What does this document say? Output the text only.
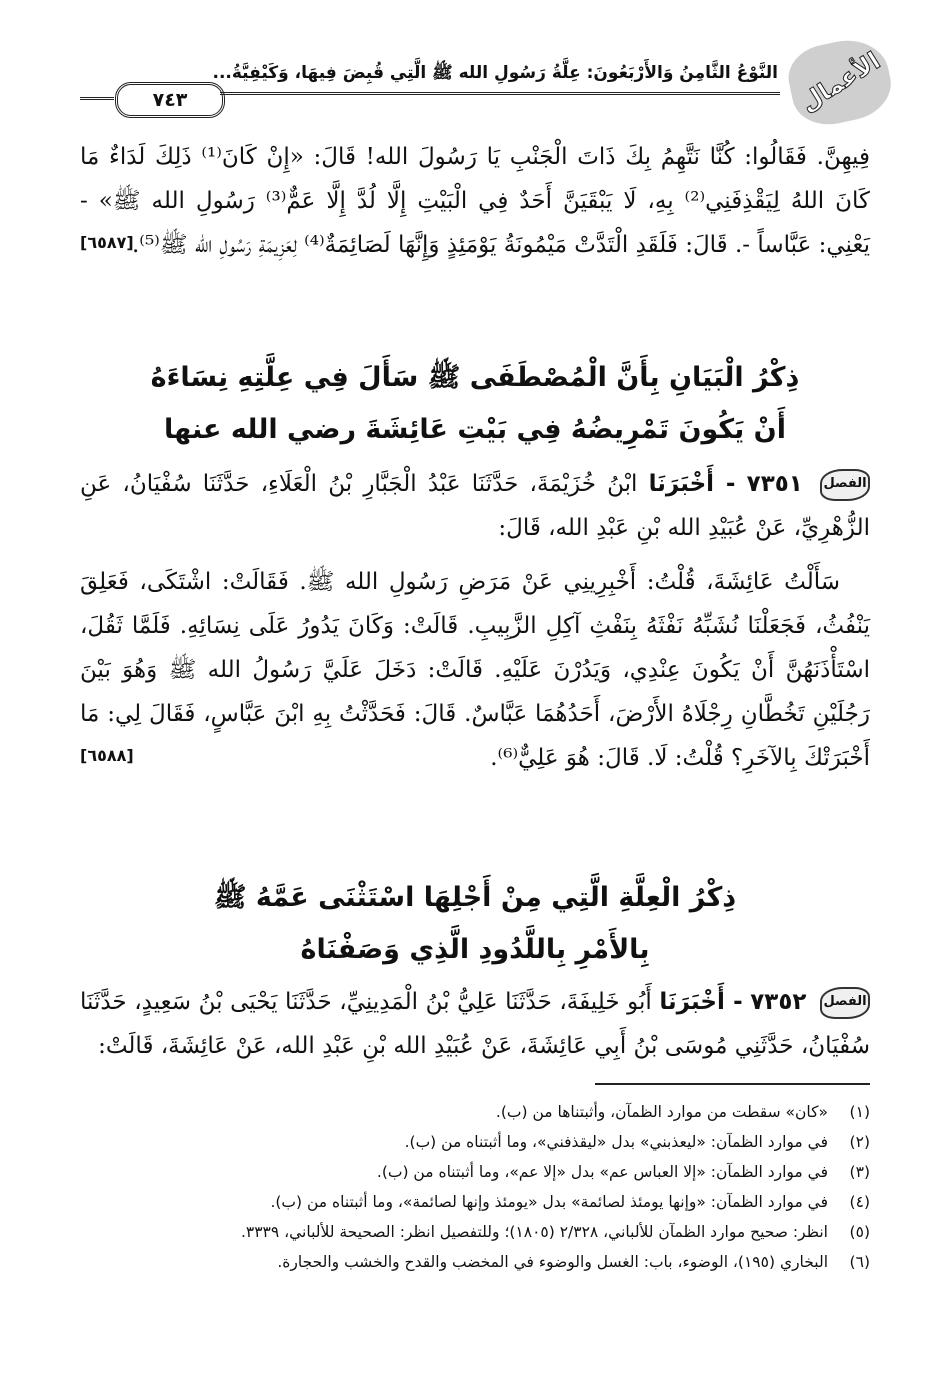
الأعمال
النَّوْعُ الثَّامِنُ وَالأَرْبَعُونَ: عِلَّةُ رَسُولِ الله ﷺ الَّتِي قُبِضَ فِيهَا، وَكَيْفِيَّةُ...
٧٤٣

فِيهِنَّ. فَقَالُوا: كُنَّا نَتَّهِمُ بِكَ ذَاتَ الْجَنْبِ يَا رَسُولَ الله! قَالَ: «إِنْ كَانَ⁽¹⁾ ذَلِكَ لَدَاءٌ مَا كَانَ اللهُ لِيَقْذِفَنِي⁽²⁾ بِهِ، لَا يَبْقَيَنَّ أَحَدٌ فِي الْبَيْتِ إِلَّا لُدَّ إِلَّا عَمٌّ⁽³⁾ رَسُولِ الله ﷺ» - يَعْنِي: عَبَّاساً -. قَالَ: فَلَقَدِ الْتَدَّتْ مَيْمُونَةُ يَوْمَئِذٍ وَإِنَّهَا لَصَائِمَةٌ⁽⁴⁾ لِعَزِيمَةِ رَسُولِ الله ﷺ⁽⁵⁾.

[٦٥٨٧]

ذِكْرُ الْبَيَانِ بِأَنَّ الْمُصْطَفَى ﷺ سَأَلَ فِي عِلَّتِهِ نِسَاءَهُ

أَنْ يَكُونَ تَمْرِيضُهُ فِي بَيْتِ عَائِشَةَ رضي الله عنها

الفصل ٧٣٥١ - أَخْبَرَنَا ابْنُ خُزَيْمَةَ، حَدَّثَنَا عَبْدُ الْجَبَّارِ بْنُ الْعَلَاءِ، حَدَّثَنَا سُفْيَانُ، عَنِ الزُّهْرِيِّ، عَنْ عُبَيْدِ الله بْنِ عَبْدِ الله، قَالَ:

سَأَلْتُ عَائِشَةَ، قُلْتُ: أَخْبِرِينِي عَنْ مَرَضِ رَسُولِ الله ﷺ. فَقَالَتْ: اشْتَكَى، فَعَلِقَ يَنْفُثُ، فَجَعَلْنَا نُشَبِّهُ نَفْثَهُ بِنَفْثِ آكِلِ الزَّبِيبِ. قَالَتْ: وَكَانَ يَدُورُ عَلَى نِسَائِهِ. فَلَمَّا ثَقُلَ، اسْتَأْذَنَهُنَّ أَنْ يَكُونَ عِنْدِي، وَيَدُرْنَ عَلَيْهِ. قَالَتْ: دَخَلَ عَلَيَّ رَسُولُ الله ﷺ وَهُوَ بَيْنَ رَجُلَيْنِ تَخُطَّانِ رِجْلَاهُ الأَرْضَ، أَحَدُهُمَا عَبَّاسٌ. قَالَ: فَحَدَّثْتُ بِهِ ابْنَ عَبَّاسٍ، فَقَالَ لِي: مَا أَخْبَرَتْكَ بِالآخَرِ؟ قُلْتُ: لَا. قَالَ: هُوَ عَلِيٌّ⁽⁶⁾.

[٦٥٨٨]

ذِكْرُ الْعِلَّةِ الَّتِي مِنْ أَجْلِهَا اسْتَثْنَى عَمَّهُ ﷺ

بِالأَمْرِ بِاللَّدُودِ الَّذِي وَصَفْنَاهُ

الفصل ٧٣٥٢ - أَخْبَرَنَا أَبُو خَلِيفَةَ، حَدَّثَنَا عَلِيُّ بْنُ الْمَدِينِيِّ، حَدَّثَنَا يَحْيَى بْنُ سَعِيدٍ، حَدَّثَنَا سُفْيَانُ، حَدَّثَنِي مُوسَى بْنُ أَبِي عَائِشَةَ، عَنْ عُبَيْدِ الله بْنِ عَبْدِ الله، عَنْ عَائِشَةَ، قَالَتْ:

(١)
«كان» سقطت من موارد الظمآن، وأثبتناها من (ب).
(٢)
في موارد الظمآن: «ليعذبني» بدل «ليقذفني»، وما أثبتناه من (ب).
(٣)
في موارد الظمآن: «إلا العباس عم» بدل «إلا عم»، وما أثبتناه من (ب).
(٤)
في موارد الظمآن: «وإنها يومئذ لصائمة» بدل «يومئذ وإنها لصائمة»، وما أثبتناه من (ب).
(٥)
انظر: صحيح موارد الظمآن للألباني، ٢/٣٢٨ (١٨٠٥)؛ وللتفصيل انظر: الصحيحة للألباني، ٣٣٣٩.
(٦)
البخاري (١٩٥)، الوضوء، باب: الغسل والوضوء في المخضب والقدح والخشب والحجارة.
